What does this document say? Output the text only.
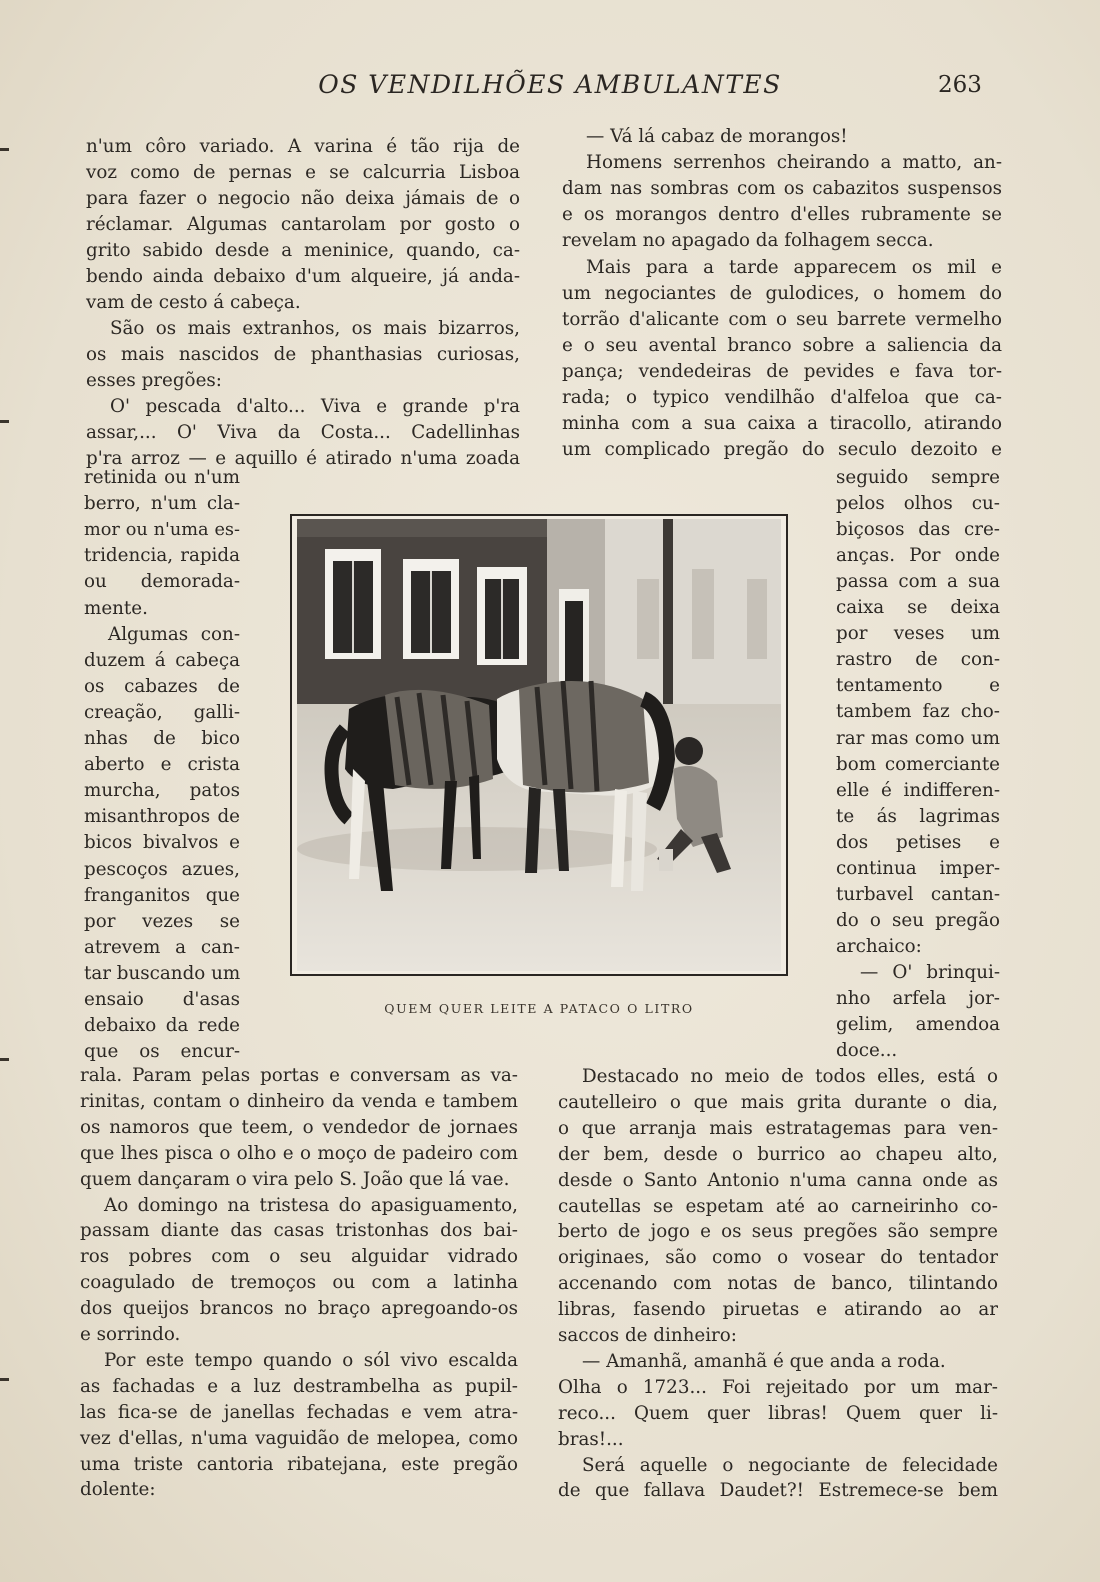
OS VENDILHÕES AMBULANTES	263

n'um côro variado. A varina é tão rija de

voz como de pernas e se calcurria Lisboa

para fazer o negocio não deixa jámais de o

réclamar. Algumas cantarolam por gosto o

grito sabido desde a meninice, quando, ca-

bendo ainda debaixo d'um alqueire, já anda-

vam de cesto á cabeça.

São os mais extranhos, os mais bizarros,

os mais nascidos de phanthasias curiosas,

esses pregões:

O' pescada d'alto... Viva e grande p'ra

assar,... O' Viva da Costa... Cadellinhas

p'ra arroz — e aquillo é atirado n'uma zoada

retinida ou n'um

berro, n'um cla-

mor ou n'uma es-

tridencia, rapida

ou demorada-

mente.

Algumas con-

duzem á cabeça

os cabazes de

creação, galli-

nhas de bico

aberto e crista

murcha, patos

misanthropos de

bicos bivalvos e

pescoços azues,

franganitos que

por vezes se

atrevem a can-

tar buscando um

ensaio d'asas

debaixo da rede

que os encur-

rala. Param pelas portas e conversam as va-

rinitas, contam o dinheiro da venda e tambem

os namoros que teem, o vendedor de jornaes

que lhes pisca o olho e o moço de padeiro com

quem dançaram o vira pelo S. João que lá vae.

Ao domingo na tristesa do apasiguamento,

passam diante das casas tristonhas dos bai-

ros pobres com o seu alguidar vidrado

coagulado de tremoços ou com a latinha

dos queijos brancos no braço apregoando-os

e sorrindo.

Por este tempo quando o sól vivo escalda

as fachadas e a luz destrambelha as pupil-

las fica-se de janellas fechadas e vem atra-

vez d'ellas, n'uma vaguidão de melopea, como

uma triste cantoria ribatejana, este pregão

dolente:

— Vá lá cabaz de morangos!

Homens serrenhos cheirando a matto, an-

dam nas sombras com os cabazitos suspensos

e os morangos dentro d'elles rubramente se

revelam no apagado da folhagem secca.

Mais para a tarde apparecem os mil e

um negociantes de gulodices, o homem do

torrão d'alicante com o seu barrete vermelho

e o seu avental branco sobre a saliencia da

pança; vendedeiras de pevides e fava tor-

rada; o typico vendilhão d'alfeloa que ca-

minha com a sua caixa a tiracollo, atirando

um complicado pregão do seculo dezoito e

seguido sempre

pelos olhos cu-

biçosos das cre-

anças. Por onde

passa com a sua

caixa se deixa

por veses um

rastro de con-

tentamento e

tambem faz cho-

rar mas como um

bom comerciante

elle é indifferen-

te ás lagrimas

dos petises e

continua imper-

turbavel cantan-

do o seu pregão

archaico:

— O' brinqui-

nho arfela jor-

gelim, amendoa

doce...

Destacado no meio de todos elles, está o

cautelleiro o que mais grita durante o dia,

o que arranja mais estratagemas para ven-

der bem, desde o burrico ao chapeu alto,

desde o Santo Antonio n'uma canna onde as

cautellas se espetam até ao carneirinho co-

berto de jogo e os seus pregões são sempre

originaes, são como o vosear do tentador

accenando com notas de banco, tilintando

libras, fasendo piruetas e atirando ao ar

saccos de dinheiro:

— Amanhã, amanhã é que anda a roda.

Olha o 1723... Foi rejeitado por um mar-

reco... Quem quer libras! Quem quer li-

bras!...

Será aquelle o negociante de felecidade

de que fallava Daudet?! Estremece-se bem

QUEM QUER LEITE A PATACO O LITRO
